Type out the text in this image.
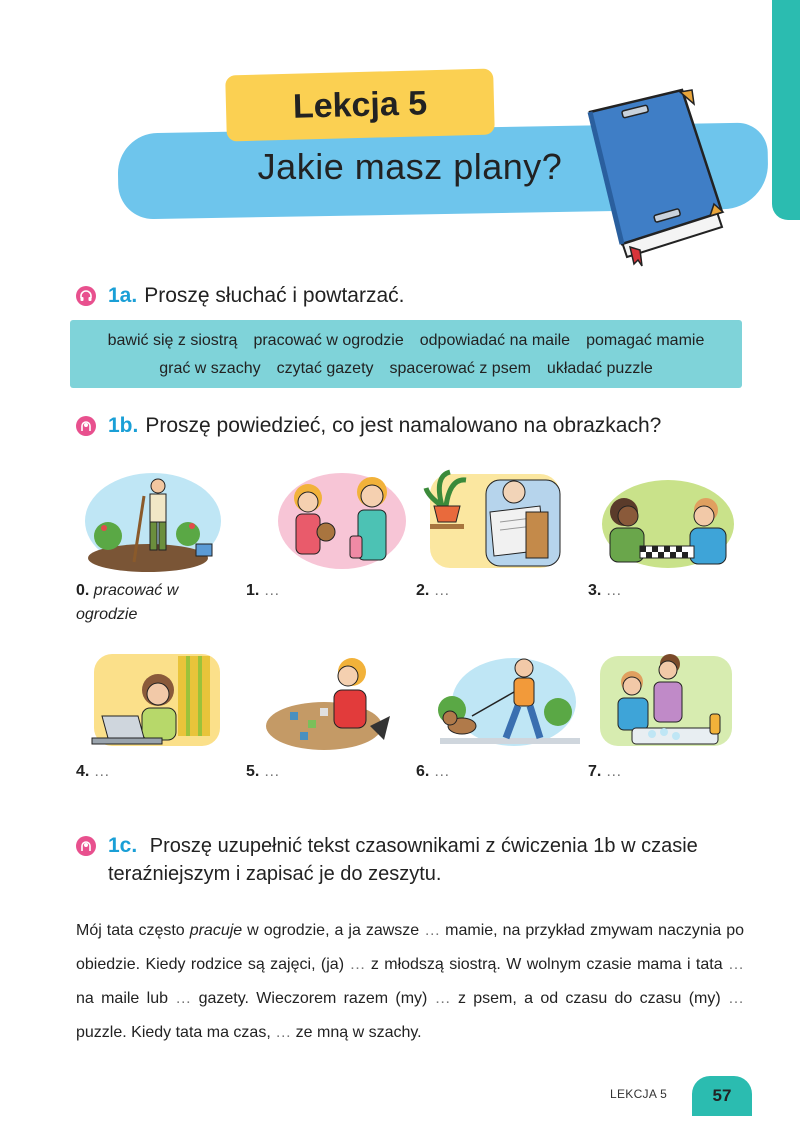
Lekcja 5
Jakie masz plany?
1a. Proszę słuchać i powtarzać.
bawić się z siostrą pracować w ogrodzie odpowiadać na maile pomagać mamie
grać w szachy czytać gazety spacerować z psem układać puzzle
1b. Proszę powiedzieć, co jest namalowano na obrazkach?
0. pracować w ogrodzie
1. …	2. …	3. …
4. …	5. …	6. …	7. …
1c. Proszę uzupełnić tekst czasownikami z ćwiczenia 1b w czasie
teraźniejszym i zapisać je do zeszytu.
Mój tata często pracuje w ogrodzie, a ja zawsze … mamie, na przykład zmywam naczynia po obiedzie. Kiedy rodzice są zajęci, (ja) … z młodszą siostrą. W wolnym czasie mama i tata … na maile lub … gazety. Wieczorem razem (my) … z psem, a od czasu do czasu (my) … puzzle. Kiedy tata ma czas, … ze mną w szachy.
LEKCJA 5	57
